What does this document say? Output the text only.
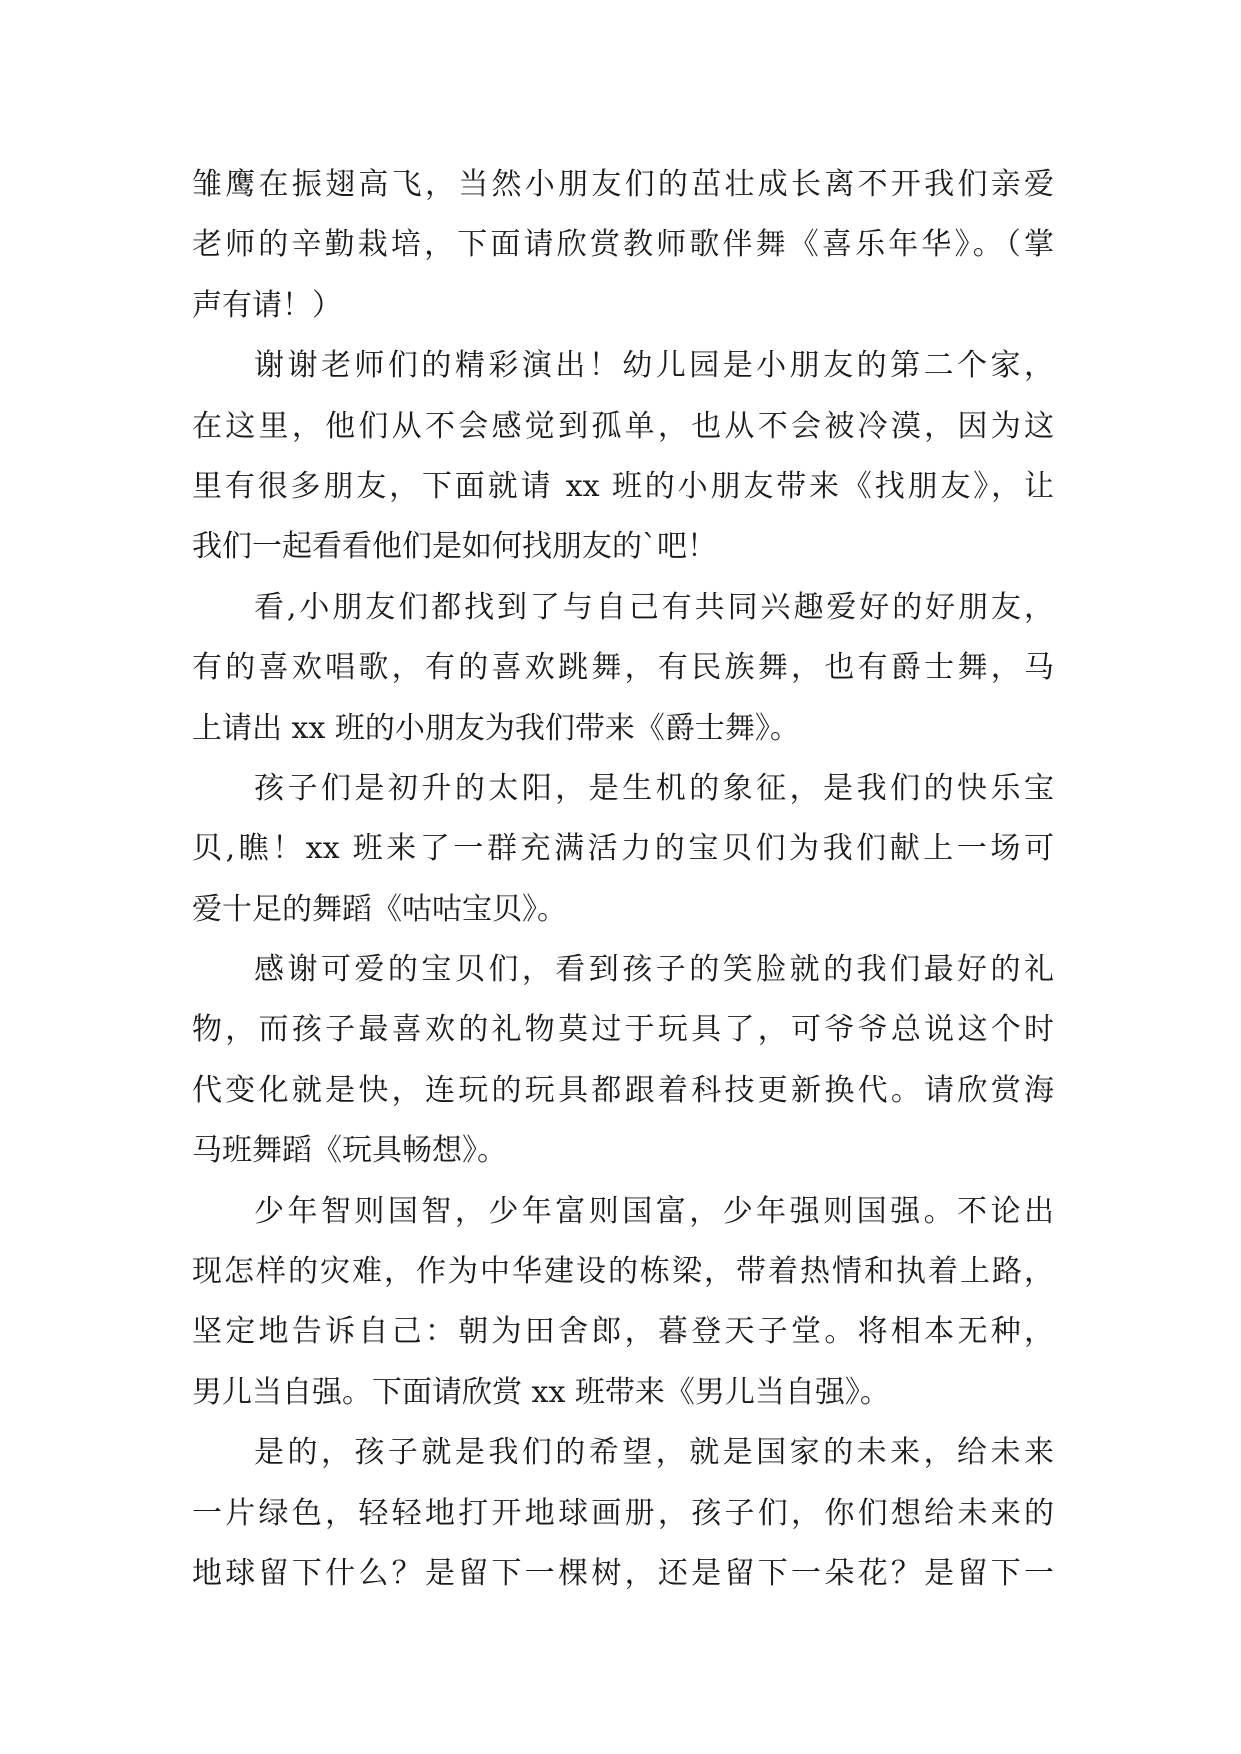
雏鹰在振翅高飞，当然小朋友们的茁壮成长离不开我们亲爱
老师的辛勤栽培，下面请欣赏教师歌伴舞《喜乐年华》。（掌
声有请！）
谢谢老师们的精彩演出！幼儿园是小朋友的第二个家，
在这里，他们从不会感觉到孤单，也从不会被冷漠，因为这
里有很多朋友，下面就请 xx 班的小朋友带来《找朋友》，让
我们一起看看他们是如何找朋友的`吧！
看,小朋友们都找到了与自己有共同兴趣爱好的好朋友，
有的喜欢唱歌，有的喜欢跳舞，有民族舞，也有爵士舞，马
上请出 xx 班的小朋友为我们带来《爵士舞》。
孩子们是初升的太阳，是生机的象征，是我们的快乐宝
贝,瞧！xx 班来了一群充满活力的宝贝们为我们献上一场可
爱十足的舞蹈《咕咕宝贝》。
感谢可爱的宝贝们，看到孩子的笑脸就的我们最好的礼
物，而孩子最喜欢的礼物莫过于玩具了，可爷爷总说这个时
代变化就是快，连玩的玩具都跟着科技更新换代。请欣赏海
马班舞蹈《玩具畅想》。
少年智则国智，少年富则国富，少年强则国强。不论出
现怎样的灾难，作为中华建设的栋梁，带着热情和执着上路，
坚定地告诉自己：朝为田舍郎，暮登天子堂。将相本无种，
男儿当自强。下面请欣赏 xx 班带来《男儿当自强》。
是的，孩子就是我们的希望，就是国家的未来，给未来
一片绿色，轻轻地打开地球画册，孩子们，你们想给未来的
地球留下什么？是留下一棵树，还是留下一朵花？是留下一
